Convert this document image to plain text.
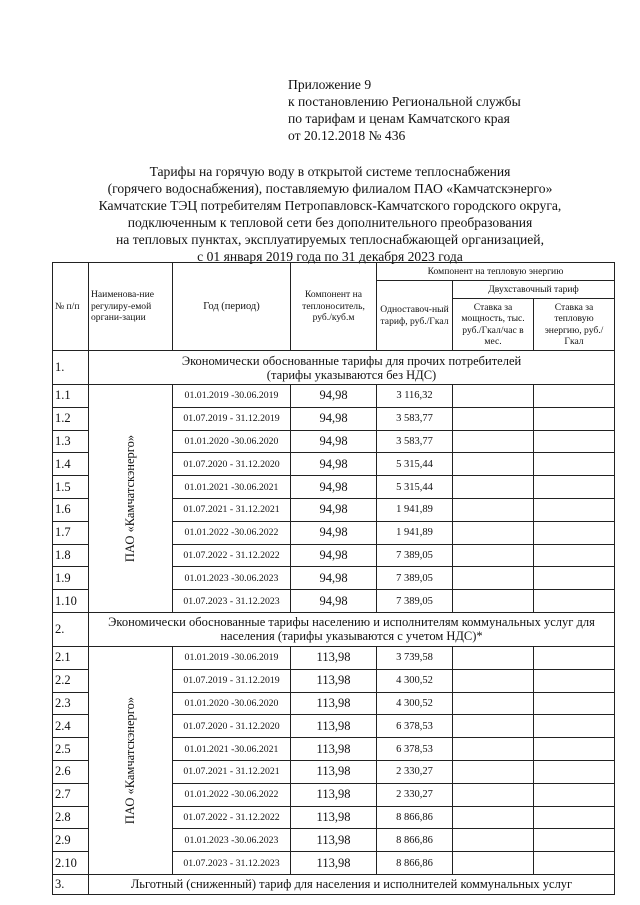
Приложение 9
к постановлению Региональной службы
по тарифам и ценам Камчатского края
от 20.12.2018 № 436
Тарифы на горячую воду в открытой системе теплоснабжения
(горячего водоснабжения), поставляемую филиалом ПАО «Камчатскэнерго»
Камчатские ТЭЦ потребителям Петропавловск-Камчатского городского округа,
подключенным к тепловой сети без дополнительного преобразования
на тепловых пунктах, эксплуатируемых теплоснабжающей организацией,
с 01 января 2019 года по 31 декабря 2023 года
№ п/п	Наименова-ние регулиру-емой органи-зации	Год (период)	Компонент на теплоноситель, руб./куб.м	Компонент на тепловую энергию		
				Одноставоч-ный тариф, руб./Гкал	Двухставочный тариф	
					Ставка за мощность, тыс. руб./Гкал/час в мес.	Ставка за тепловую энергию, руб./Гкал
1.	Экономически обоснованные тарифы для прочих потребителей
(тарифы указываются без НДС)					

1.1	ПАО «Камчатскэнерго»	01.01.2019 -30.06.2019	94,98	3 116,32		
1.2		01.07.2019 - 31.12.2019	94,98	3 583,77		
1.3		01.01.2020 -30.06.2020	94,98	3 583,77		
1.4		01.07.2020 - 31.12.2020	94,98	5 315,44		
1.5		01.01.2021 -30.06.2021	94,98	5 315,44		
1.6		01.07.2021 - 31.12.2021	94,98	1 941,89		
1.7		01.01.2022 -30.06.2022	94,98	1 941,89		
1.8		01.07.2022 - 31.12.2022	94,98	7 389,05		
1.9		01.01.2023 -30.06.2023	94,98	7 389,05		
1.10		01.07.2023 - 31.12.2023	94,98	7 389,05		
2.	Экономически обоснованные тарифы населению и исполнителям коммунальных услуг для
населения (тарифы указываются с учетом НДС)*					

2.1	ПАО «Камчатскэнерго»	01.01.2019 -30.06.2019	113,98	3 739,58		
2.2		01.07.2019 - 31.12.2019	113,98	4 300,52		
2.3		01.01.2020 -30.06.2020	113,98	4 300,52		
2.4		01.07.2020 - 31.12.2020	113,98	6 378,53		
2.5		01.01.2021 -30.06.2021	113,98	6 378,53		
2.6		01.07.2021 - 31.12.2021	113,98	2 330,27		
2.7		01.01.2022 -30.06.2022	113,98	2 330,27		
2.8		01.07.2022 - 31.12.2022	113,98	8 866,86		
2.9		01.01.2023 -30.06.2023	113,98	8 866,86		
2.10		01.07.2023 - 31.12.2023	113,98	8 866,86		
3.	Льготный (сниженный) тариф для населения и исполнителей коммунальных услуг					
